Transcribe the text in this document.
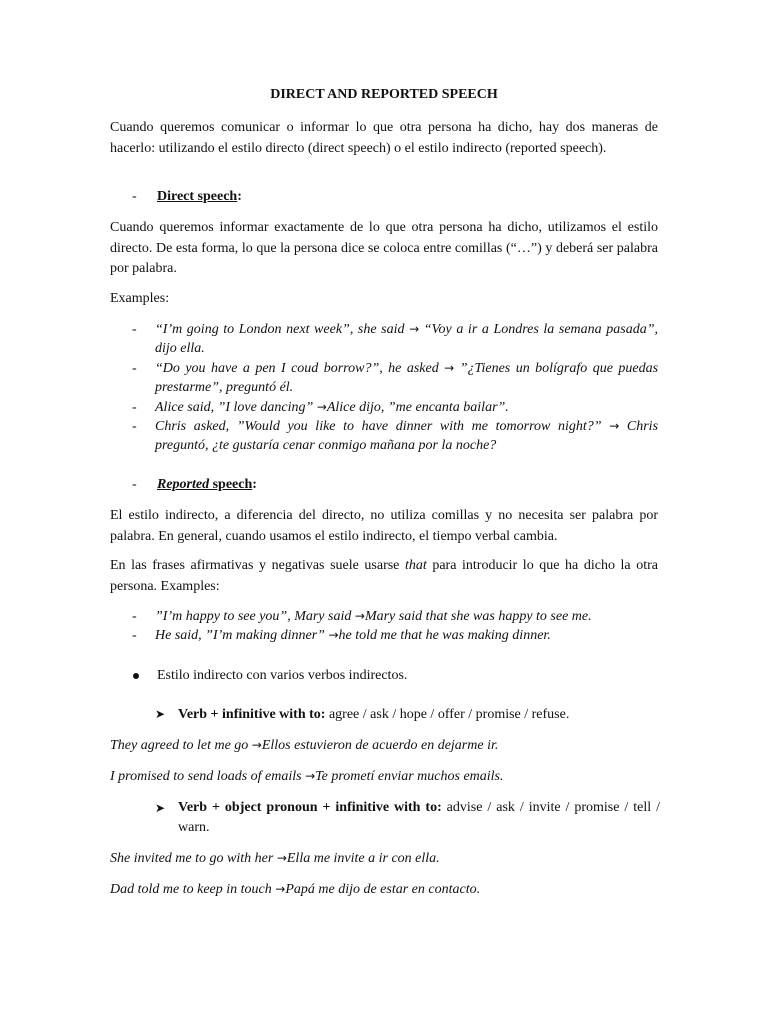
DIRECT AND REPORTED SPEECH

Cuando queremos comunicar o informar lo que otra persona ha dicho, hay dos maneras de hacerlo: utilizando el estilo directo (direct speech) o el estilo indirecto (reported speech).

- Direct speech:

Cuando queremos informar exactamente de lo que otra persona ha dicho, utilizamos el estilo directo. De esta forma, lo que la persona dice se coloca entre comillas (“…”) y deberá ser palabra por palabra.

Examples:
- “I’m going to London next week”, she said → “Voy a ir a Londres la semana pasada”, dijo ella.

- “Do you have a pen I coud borrow?”, he asked → ”¿Tienes un bolígrafo que puedas prestarme”, preguntó él.

- Alice said, ”I love dancing” →Alice dijo, ”me encanta bailar”.

- Chris asked, ”Would you like to have dinner with me tomorrow night?” → Chris preguntó, ¿te gustaría cenar conmigo mañana por la noche?

- Reported speech:

El estilo indirecto, a diferencia del directo, no utiliza comillas y no necesita ser palabra por palabra. En general, cuando usamos el estilo indirecto, el tiempo verbal cambia.

En las frases afirmativas y negativas suele usarse that para introducir lo que ha dicho la otra persona. Examples:

- ”I’m happy to see you”, Mary said →Mary said that she was happy to see me.

- He said, ”I’m making dinner” →he told me that he was making dinner.

Estilo indirecto con varios verbos indirectos.
➤ Verb + infinitive with to: agree / ask / hope / offer / promise / refuse.
They agreed to let me go →Ellos estuvieron de acuerdo en dejarme ir.
I promised to send loads of emails →Te prometí enviar muchos emails.
➤ Verb + object pronoun + infinitive with to: advise / ask / invite / promise / tell / warn.

She invited me to go with her →Ella me invite a ir con ella.
Dad told me to keep in touch →Papá me dijo de estar en contacto.
